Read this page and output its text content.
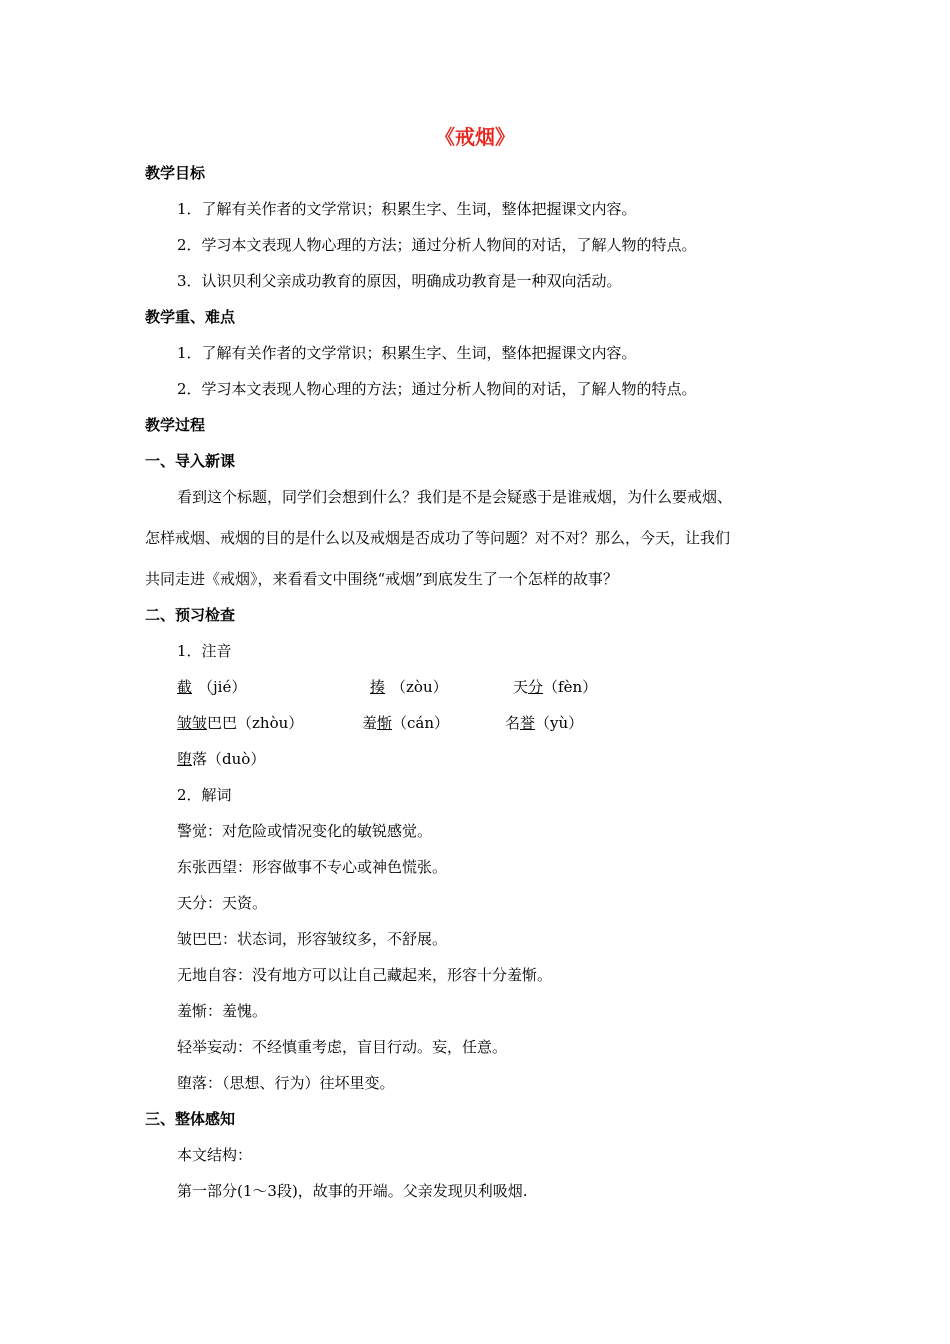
《戒烟》
教学目标
1．了解有关作者的文学常识；积累生字、生词，整体把握课文内容。
2．学习本文表现人物心理的方法；通过分析人物间的对话，了解人物的特点。
3．认识贝利父亲成功教育的原因，明确成功教育是一种双向活动。
教学重、难点
1．了解有关作者的文学常识；积累生字、生词，整体把握课文内容。
2．学习本文表现人物心理的方法；通过分析人物间的对话，了解人物的特点。
教学过程
一、导入新课
看到这个标题，同学们会想到什么？我们是不是会疑惑于是谁戒烟，为什么要戒烟、
怎样戒烟、戒烟的目的是什么以及戒烟是否成功了等问题？对不对？那么，今天，让我们
共同走进《戒烟》，来看看文中围绕“戒烟”到底发生了一个怎样的故事？
二、预习检查
1．注音
截 （jié）	揍 （zòu）	天分（fèn）
皱皱巴巴（zhòu）	羞惭（cán）	名誉（yù）
堕落（duò）
2．解词
警觉：对危险或情况变化的敏锐感觉。
东张西望：形容做事不专心或神色慌张。
天分：天资。
皱巴巴：状态词，形容皱纹多，不舒展。
无地自容：没有地方可以让自己藏起来，形容十分羞惭。
羞惭：羞愧。
轻举妄动：不经慎重考虑，盲目行动。妄，任意。
堕落：（思想、行为）往坏里变。
三、整体感知
本文结构：
第一部分(1～3段)，故事的开端。父亲发现贝利吸烟.
